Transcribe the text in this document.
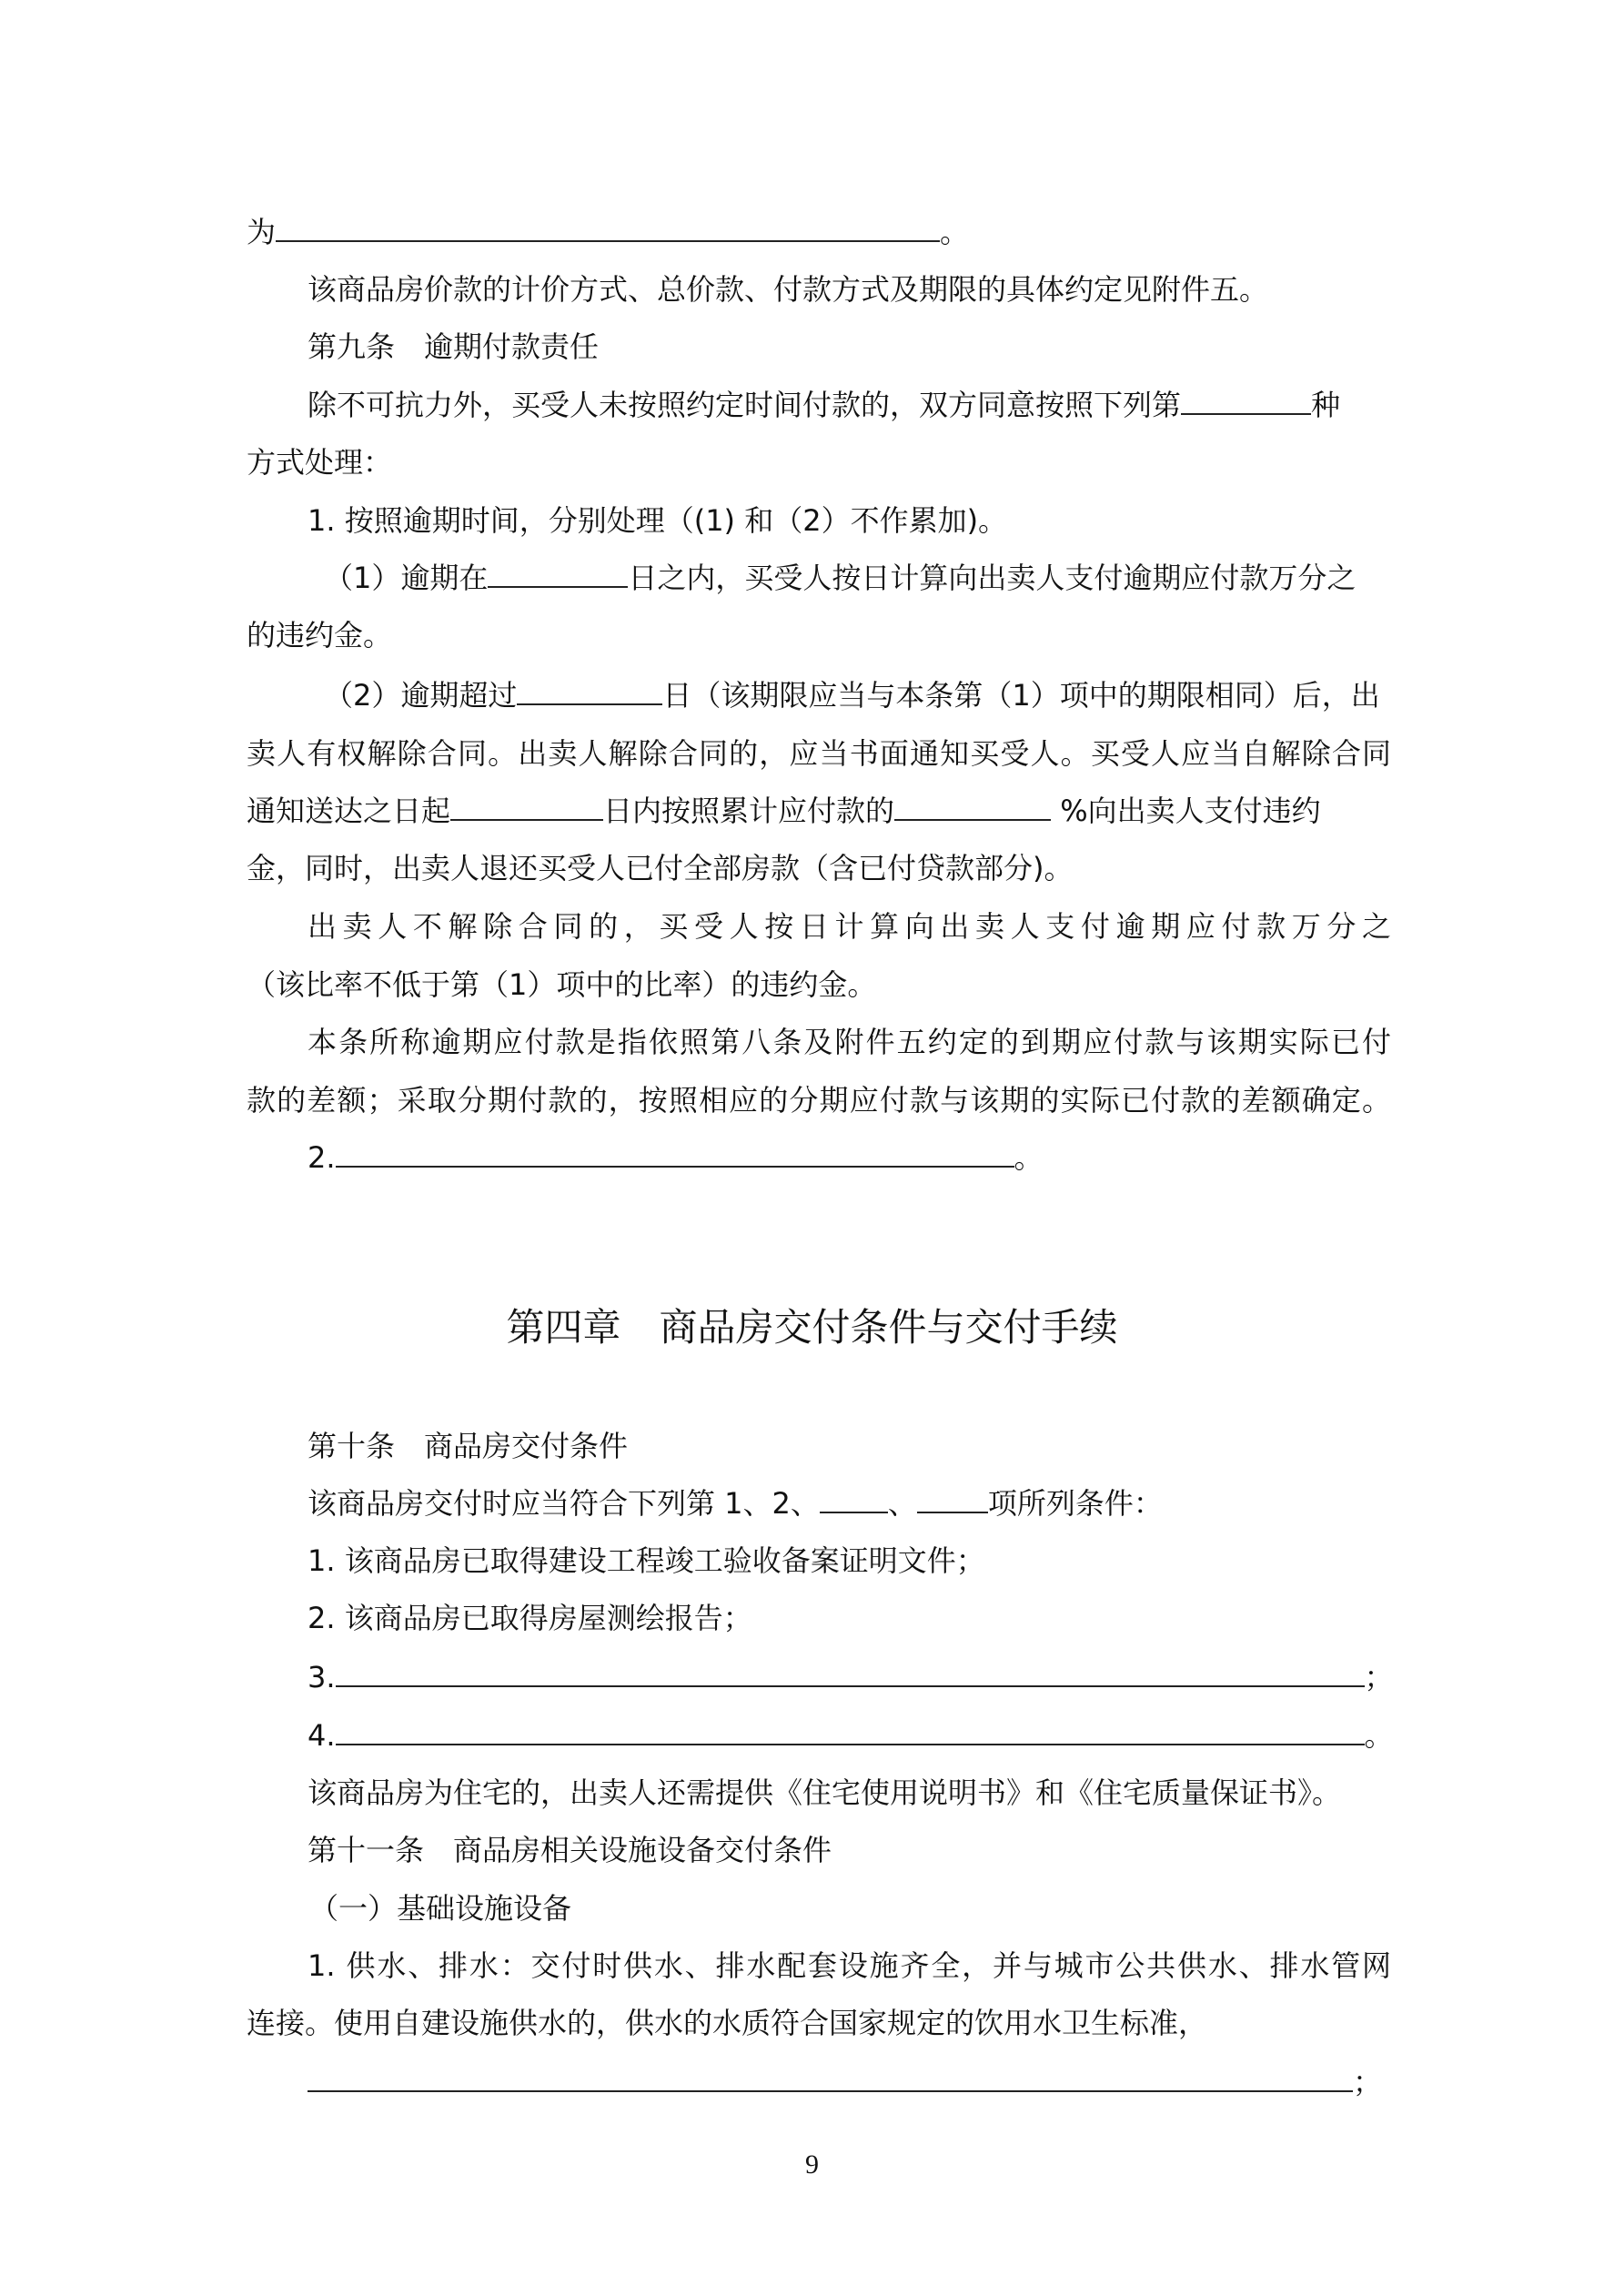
为	。
该商品房价款的计价方式、总价款、付款方式及期限的具体约定见附件五。
第九条　逾期付款责任
除不可抗力外，买受人未按照约定时间付款的，双方同意按照下列第	种
方式处理：
1. 按照逾期时间，分别处理（(1) 和（2）不作累加)。
（1）逾期在	日之内，买受人按日计算向出卖人支付逾期应付款万分之
的违约金。
（2）逾期超过	日（该期限应当与本条第（1）项中的期限相同）后，出
卖人有权解除合同。出卖人解除合同的，应当书面通知买受人。买受人应当自解除合同
通知送达之日起	日内按照累计应付款的	%向出卖人支付违约
金，同时，出卖人退还买受人已付全部房款（含已付贷款部分)。
出卖人不解除合同的，买受人按日计算向出卖人支付逾期应付款万分之
（该比率不低于第（1）项中的比率）的违约金。
本条所称逾期应付款是指依照第八条及附件五约定的到期应付款与该期实际已付
款的差额；采取分期付款的，按照相应的分期应付款与该期的实际已付款的差额确定。
2.	。
第四章　商品房交付条件与交付手续
第十条　商品房交付条件
该商品房交付时应当符合下列第 1、2、 、 项所列条件：
1. 该商品房已取得建设工程竣工验收备案证明文件；
2. 该商品房已取得房屋测绘报告；
3.	；
4.	。
该商品房为住宅的，出卖人还需提供《住宅使用说明书》和《住宅质量保证书》。
第十一条　商品房相关设施设备交付条件
（一）基础设施设备
1. 供水、排水：交付时供水、排水配套设施齐全，并与城市公共供水、排水管网
连接。使用自建设施供水的，供水的水质符合国家规定的饮用水卫生标准，
；
9
